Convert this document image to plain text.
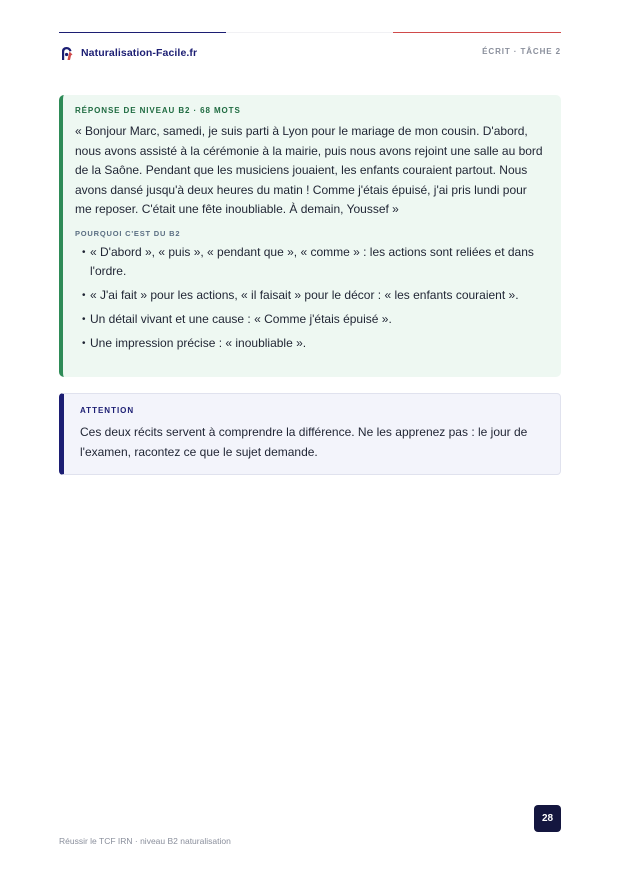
Naturalisation-Facile.fr	ÉCRIT · TÂCHE 2
RÉPONSE DE NIVEAU B2 · 68 MOTS
« Bonjour Marc, samedi, je suis parti à Lyon pour le mariage de mon cousin. D'abord, nous avons assisté à la cérémonie à la mairie, puis nous avons rejoint une salle au bord de la Saône. Pendant que les musiciens jouaient, les enfants couraient partout. Nous avons dansé jusqu'à deux heures du matin ! Comme j'étais épuisé, j'ai pris lundi pour me reposer. C'était une fête inoubliable. À demain, Youssef »
POURQUOI C'EST DU B2
• « D'abord », « puis », « pendant que », « comme » : les actions sont reliées et dans l'ordre.
• « J'ai fait » pour les actions, « il faisait » pour le décor : « les enfants couraient ».
• Un détail vivant et une cause : « Comme j'étais épuisé ».
• Une impression précise : « inoubliable ».
ATTENTION
Ces deux récits servent à comprendre la différence. Ne les apprenez pas : le jour de l'examen, racontez ce que le sujet demande.
28
Réussir le TCF IRN · niveau B2 naturalisation
